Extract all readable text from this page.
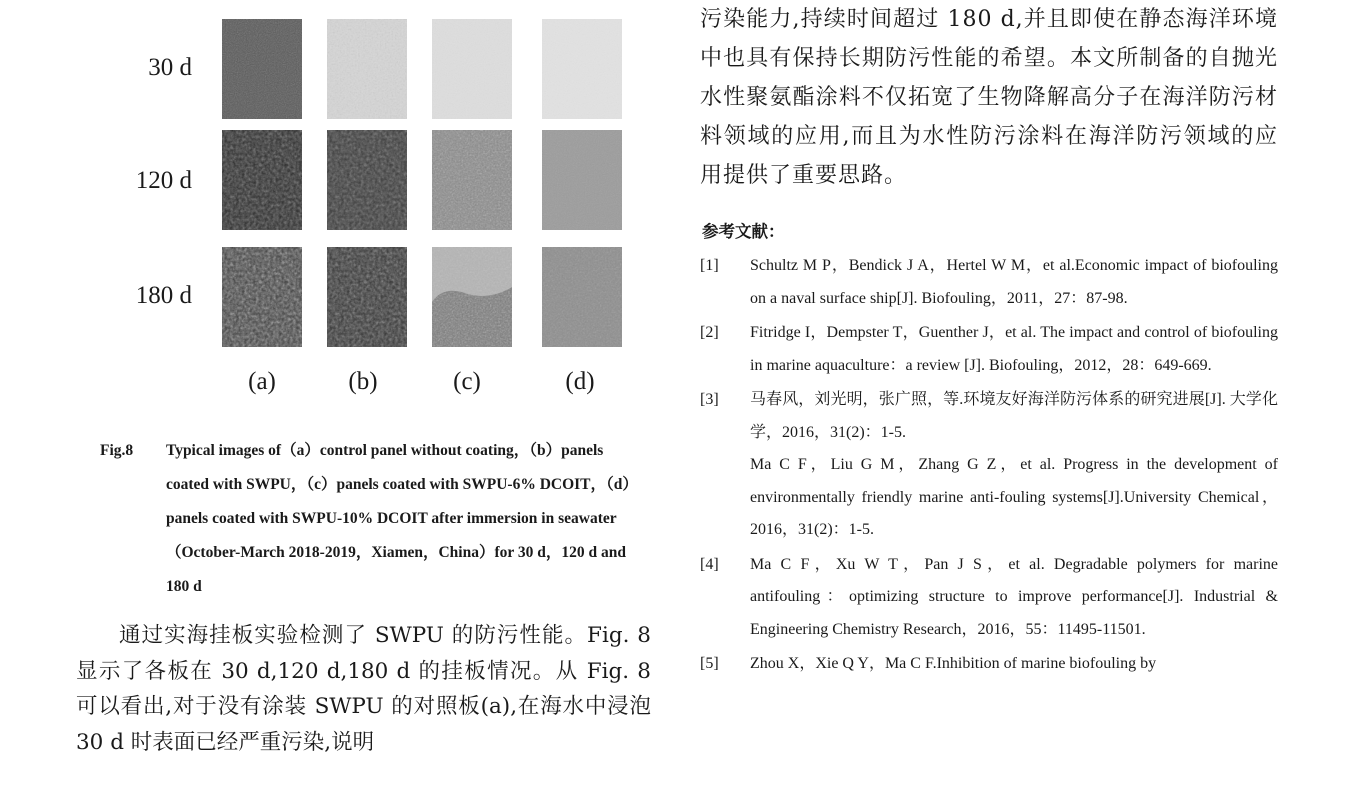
30 d
120 d
180 d
(a)	(b)	(c)	(d)
Fig.8 Typical images of（a）control panel without coating，（b）panels coated with SWPU，（c）panels coated with SWPU-6% DCOIT，（d）panels coated with SWPU-10% DCOIT after immersion in seawater（October-March 2018-2019，Xiamen，China）for 30 d，120 d and 180 d

通过实海挂板实验检测了 SWPU 的防污性能。Fig. 8 显示了各板在 30 d,120 d,180 d 的挂板情况。从 Fig. 8 可以看出,对于没有涂装 SWPU 的对照板(a),在海水中浸泡 30 d 时表面已经严重污染,说明

污染能力,持续时间超过 180 d,并且即使在静态海洋环境中也具有保持长期防污性能的希望。本文所制备的自抛光水性聚氨酯涂料不仅拓宽了生物降解高分子在海洋防污材料领域的应用,而且为水性防污涂料在海洋防污领域的应用提供了重要思路。

参考文献：
[1] Schultz M P，Bendick J A，Hertel W M，et al.Economic impact of biofouling on a naval surface ship[J]. Biofouling，2011，27：87-98.
[2] Fitridge I，Dempster T，Guenther J，et al. The impact and control of biofouling in marine aquaculture：a review [J]. Biofouling，2012，28：649-669.
[3] 马春风，刘光明，张广照，等.环境友好海洋防污体系的研究进展[J]. 大学化学，2016，31(2)：1-5.
Ma C F，Liu G M，Zhang G Z，et al. Progress in the development of environmentally friendly marine anti-fouling systems[J].University Chemical，2016，31(2)：1-5.
[4] Ma C F，Xu W T，Pan J S，et al. Degradable polymers for marine antifouling：optimizing structure to improve performance[J]. Industrial & Engineering Chemistry Research，2016，55：11495-11501.
[5] Zhou X，Xie Q Y，Ma C F.Inhibition of marine biofouling by
